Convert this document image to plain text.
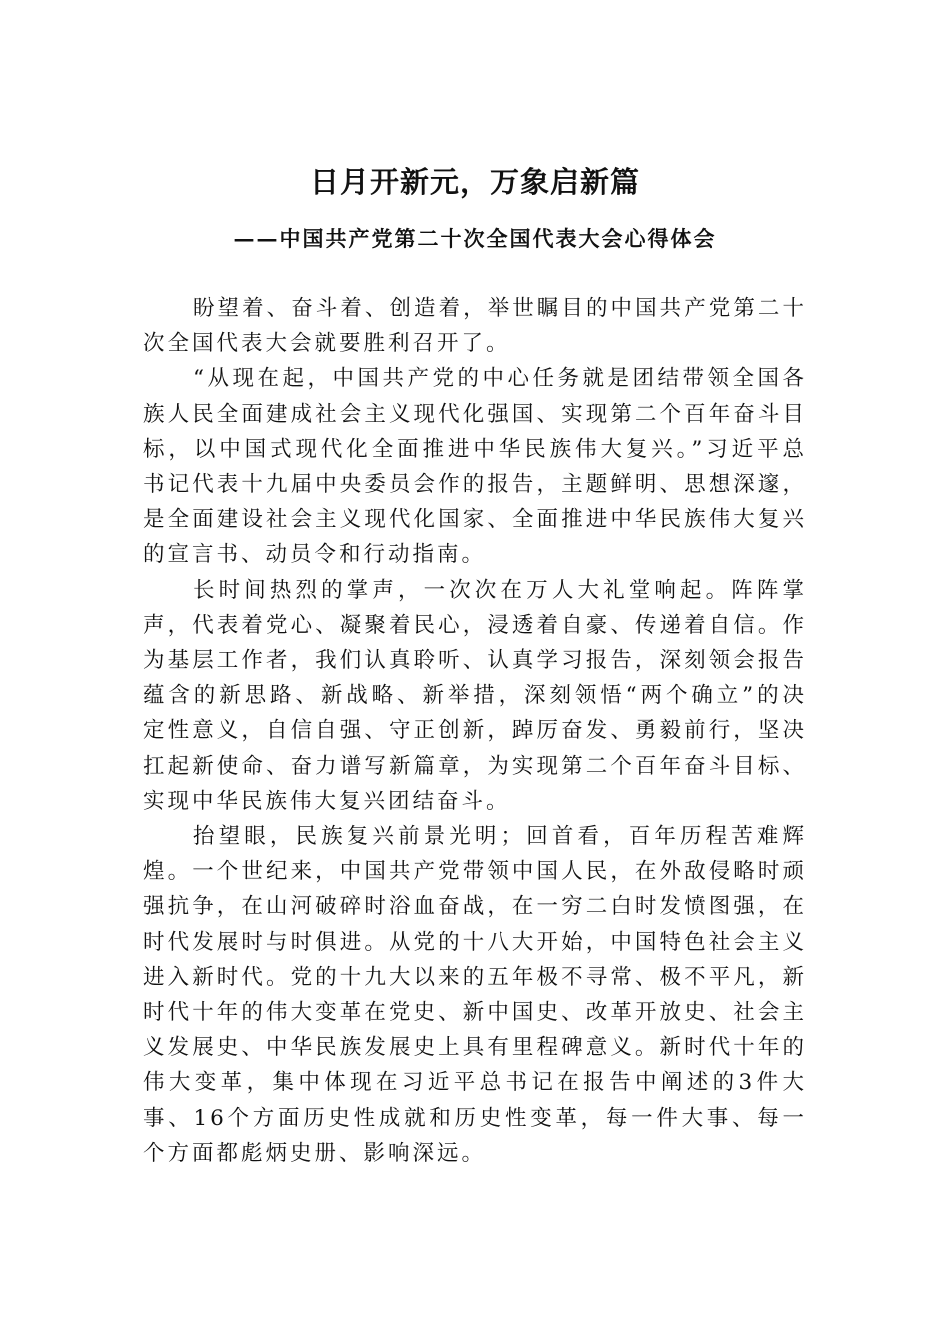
日月开新元，万象启新篇
——中国共产党第二十次全国代表大会心得体会

盼望着、奋斗着、创造着，举世瞩目的中国共产党第二十次全国代表大会就要胜利召开了。

“从现在起，中国共产党的中心任务就是团结带领全国各族人民全面建成社会主义现代化强国、实现第二个百年奋斗目标，以中国式现代化全面推进中华民族伟大复兴。”习近平总书记代表十九届中央委员会作的报告，主题鲜明、思想深邃，是全面建设社会主义现代化国家、全面推进中华民族伟大复兴的宣言书、动员令和行动指南。

长时间热烈的掌声，一次次在万人大礼堂响起。阵阵掌声，代表着党心、凝聚着民心，浸透着自豪、传递着自信。作为基层工作者，我们认真聆听、认真学习报告，深刻领会报告蕴含的新思路、新战略、新举措，深刻领悟“两个确立”的决定性意义，自信自强、守正创新，踔厉奋发、勇毅前行，坚决扛起新使命、奋力谱写新篇章，为实现第二个百年奋斗目标、实现中华民族伟大复兴团结奋斗。

抬望眼，民族复兴前景光明；回首看，百年历程苦难辉煌。一个世纪来，中国共产党带领中国人民，在外敌侵略时顽强抗争，在山河破碎时浴血奋战，在一穷二白时发愤图强，在时代发展时与时俱进。从党的十八大开始，中国特色社会主义进入新时代。党的十九大以来的五年极不寻常、极不平凡，新时代十年的伟大变革在党史、新中国史、改革开放史、社会主义发展史、中华民族发展史上具有里程碑意义。新时代十年的伟大变革，集中体现在习近平总书记在报告中阐述的3件大事、16个方面历史性成就和历史性变革，每一件大事、每一个方面都彪炳史册、影响深远。
